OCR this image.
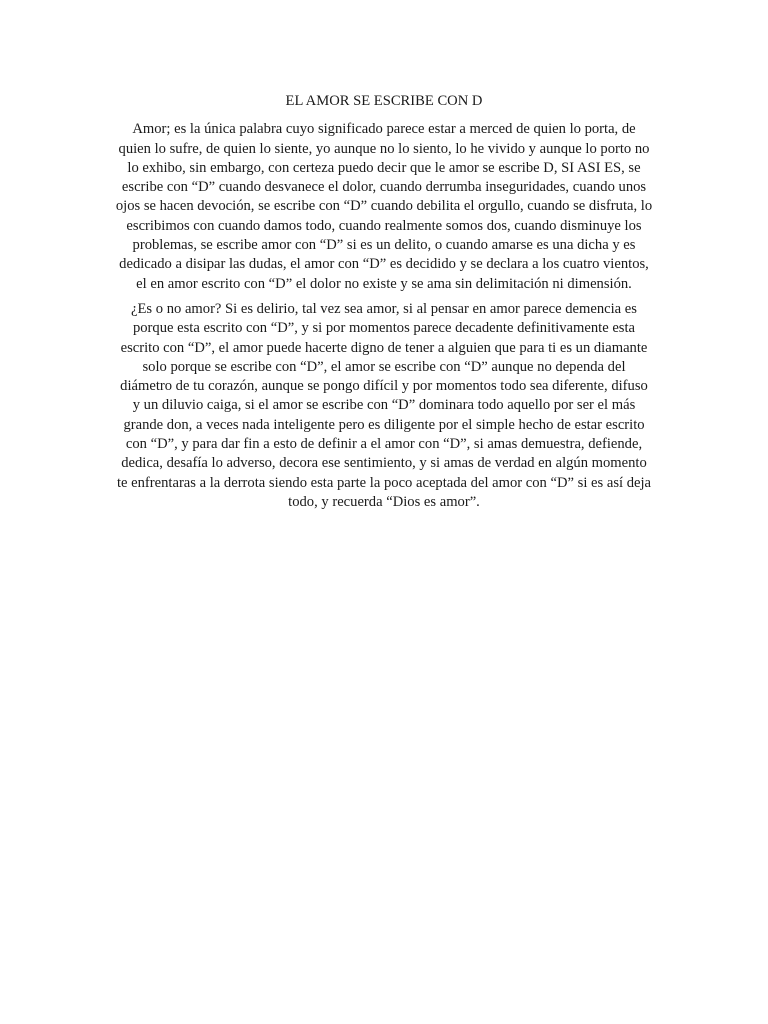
EL AMOR SE ESCRIBE CON D

Amor; es la única palabra cuyo significado parece estar a merced de quien lo porta, de
quien lo sufre, de quien lo siente, yo aunque no lo siento, lo he vivido y aunque lo porto no
lo exhibo, sin embargo, con certeza puedo decir que le amor se escribe D, SI ASI ES, se
escribe con “D” cuando desvanece el dolor, cuando derrumba inseguridades, cuando unos
ojos se hacen devoción, se escribe con “D” cuando debilita el orgullo, cuando se disfruta, lo
escribimos con cuando damos todo, cuando realmente somos dos, cuando disminuye los
problemas, se escribe amor con “D” si es un delito, o cuando amarse es una dicha y es
dedicado a disipar las dudas, el amor con “D” es decidido y se declara a los cuatro vientos,
el en amor escrito con “D” el dolor no existe y se ama sin delimitación ni dimensión.

¿Es o no amor? Si es delirio, tal vez sea amor, si al pensar en amor parece demencia es
porque esta escrito con “D”, y si por momentos parece decadente definitivamente esta
escrito con “D”, el amor puede hacerte digno de tener a alguien que para ti es un diamante
solo porque se escribe con “D”, el amor se escribe con “D” aunque no dependa del
diámetro de tu corazón, aunque se pongo difícil y por momentos todo sea diferente, difuso
y un diluvio caiga, si el amor se escribe con “D” dominara todo aquello por ser el más
grande don, a veces nada inteligente pero es diligente por el simple hecho de estar escrito
con “D”, y para dar fin a esto de definir a el amor con “D”, si amas demuestra, defiende,
dedica, desafía lo adverso, decora ese sentimiento, y si amas de verdad en algún momento
te enfrentaras a la derrota siendo esta parte la poco aceptada del amor con “D” si es así deja
todo, y recuerda “Dios es amor”.
